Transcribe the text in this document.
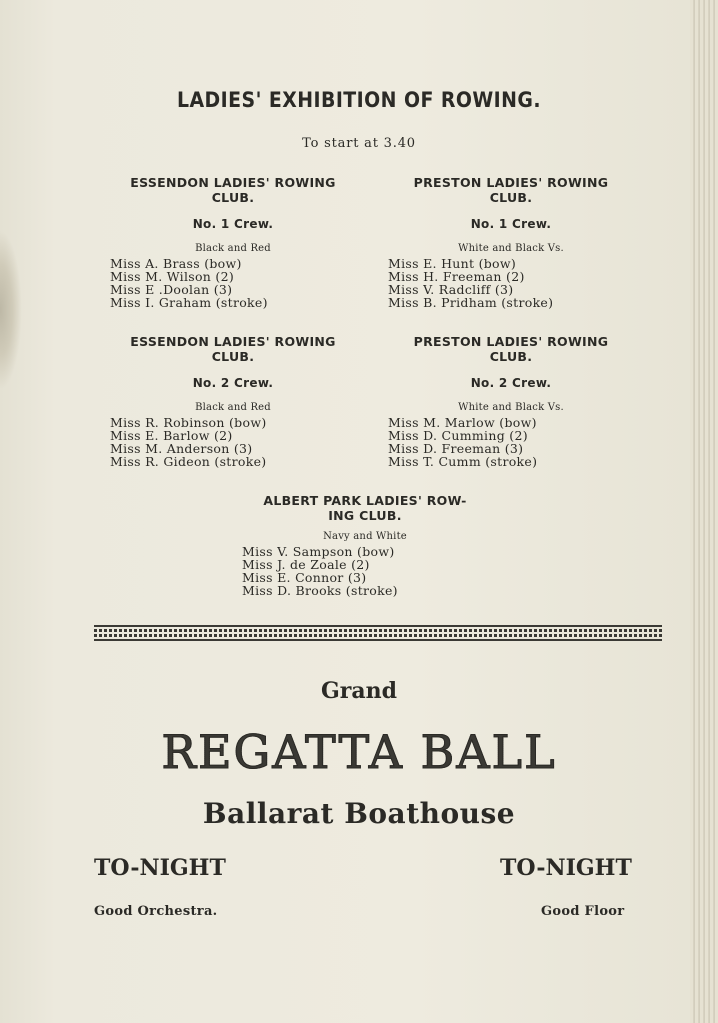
LADIES' EXHIBITION OF ROWING.
To start at 3.40
ESSENDON LADIES' ROWING
CLUB.
No. 1 Crew.
Black and Red
Miss A. Brass (bow)
Miss M. Wilson (2)
Miss E .Doolan (3)
Miss I. Graham (stroke)
PRESTON LADIES' ROWING
CLUB.
No. 1 Crew.
White and Black Vs.
Miss E. Hunt (bow)
Miss H. Freeman (2)
Miss V. Radcliff (3)
Miss B. Pridham (stroke)
ESSENDON LADIES' ROWING
CLUB.
No. 2 Crew.
Black and Red
Miss R. Robinson (bow)
Miss E. Barlow (2)
Miss M. Anderson (3)
Miss R. Gideon (stroke)
PRESTON LADIES' ROWING
CLUB.
No. 2 Crew.
White and Black Vs.
Miss M. Marlow (bow)
Miss D. Cumming (2)
Miss D. Freeman (3)
Miss T. Cumm (stroke)
ALBERT PARK LADIES' ROW-
ING CLUB.
Navy and White
Miss V. Sampson (bow)
Miss J. de Zoale (2)
Miss E. Connor (3)
Miss D. Brooks (stroke)
Grand
REGATTA BALL
Ballarat Boathouse
TO-NIGHT	TO-NIGHT
Good Orchestra.	Good Floor
